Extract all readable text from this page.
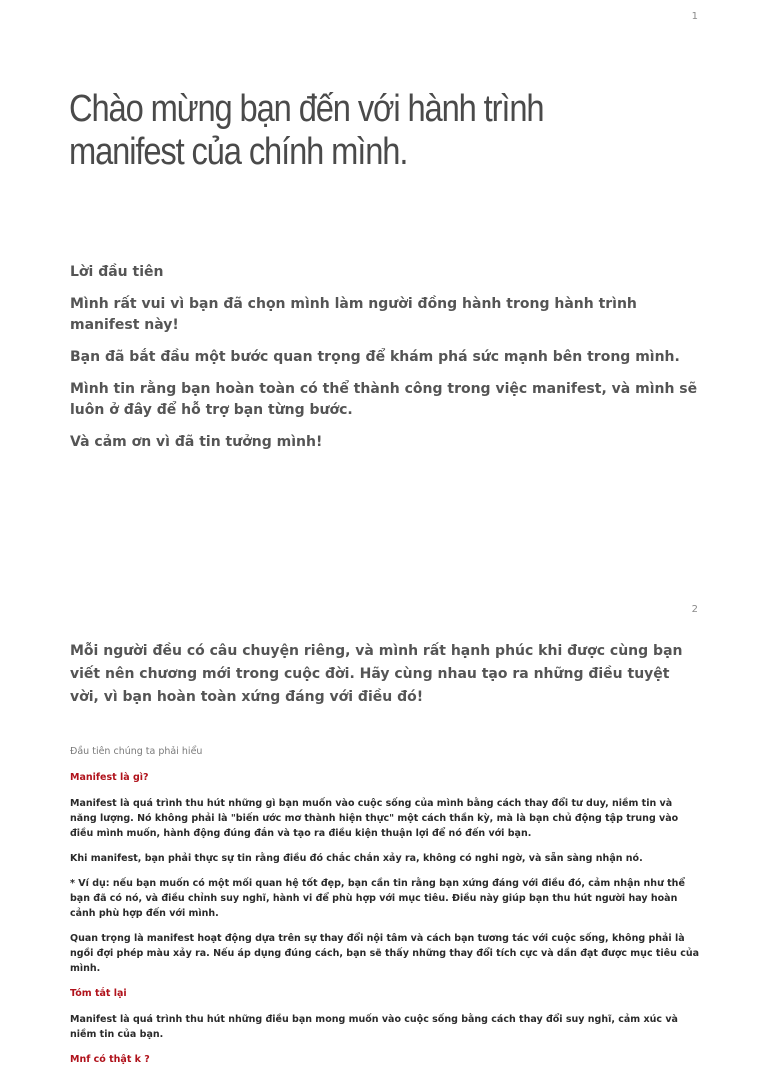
1
Chào mừng bạn đến với hành trình manifest của chính mình.

Lời đầu tiên

Mình rất vui vì bạn đã chọn mình làm người đồng hành trong hành trình manifest này!

Bạn đã bắt đầu một bước quan trọng để khám phá sức mạnh bên trong mình.

Mình tin rằng bạn hoàn toàn có thể thành công trong việc manifest, và mình sẽ luôn ở đây để hỗ trợ bạn từng bước.

Và cảm ơn vì đã tin tưởng mình!

2

Mỗi người đều có câu chuyện riêng, và mình rất hạnh phúc khi được cùng bạn viết nên chương mới trong cuộc đời. Hãy cùng nhau tạo ra những điều tuyệt vời, vì bạn hoàn toàn xứng đáng với điều đó!

Đầu tiên chúng ta phải hiểu

Manifest là gì?

Manifest là quá trình thu hút những gì bạn muốn vào cuộc sống của mình bằng cách thay đổi tư duy, niềm tin và năng lượng. Nó không phải là "biến ước mơ thành hiện thực" một cách thần kỳ, mà là bạn chủ động tập trung vào điều mình muốn, hành động đúng đắn và tạo ra điều kiện thuận lợi để nó đến với bạn.

Khi manifest, bạn phải thực sự tin rằng điều đó chắc chắn xảy ra, không có nghi ngờ, và sẵn sàng nhận nó.

* Ví dụ: nếu bạn muốn có một mối quan hệ tốt đẹp, bạn cần tin rằng bạn xứng đáng với điều đó, cảm nhận như thể bạn đã có nó, và điều chỉnh suy nghĩ, hành vi để phù hợp với mục tiêu. Điều này giúp bạn thu hút người hay hoàn cảnh phù hợp đến với mình.

Quan trọng là manifest hoạt động dựa trên sự thay đổi nội tâm và cách bạn tương tác với cuộc sống, không phải là ngồi đợi phép màu xảy ra. Nếu áp dụng đúng cách, bạn sẽ thấy những thay đổi tích cực và dần đạt được mục tiêu của mình.

Tóm tắt lại

Manifest là quá trình thu hút những điều bạn mong muốn vào cuộc sống bằng cách thay đổi suy nghĩ, cảm xúc và niềm tin của bạn.

Mnf có thật k ?
